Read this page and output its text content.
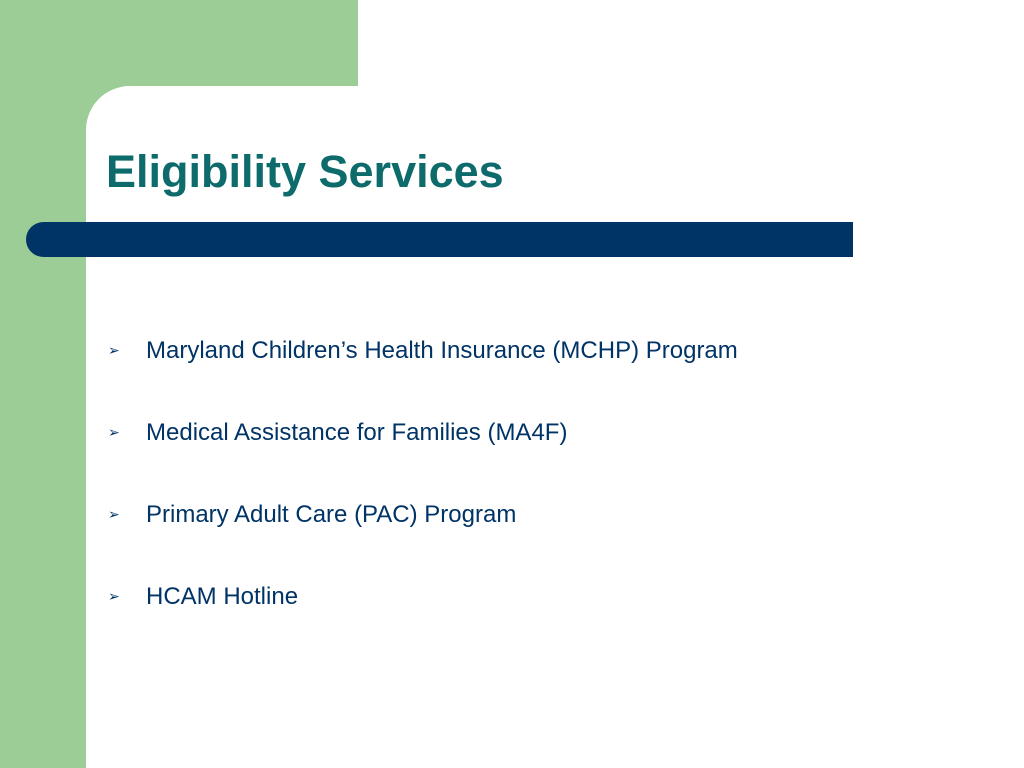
Eligibility Services
➢	Maryland Children’s Health Insurance (MCHP) Program
➢	Medical Assistance for Families (MA4F)
➢	Primary Adult Care (PAC) Program
➢	HCAM Hotline
